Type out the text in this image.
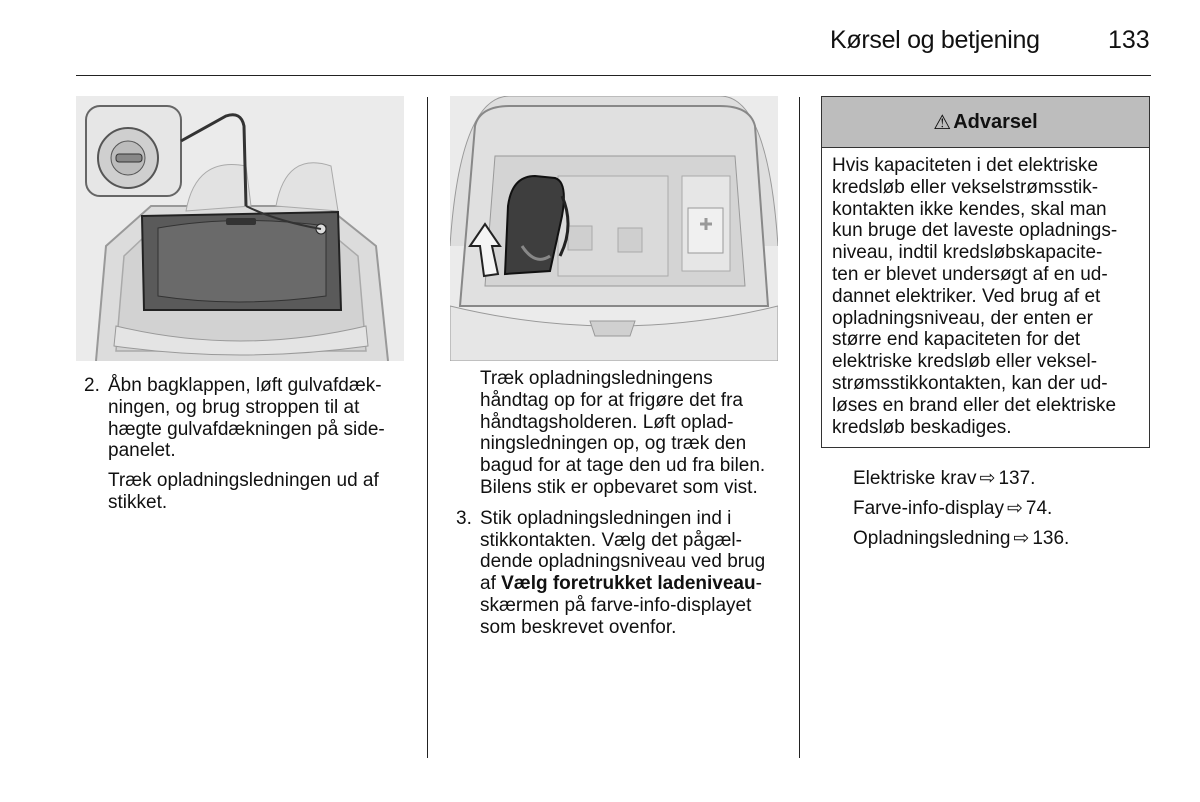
Kørsel og betjening	133
2. Åbn bagklappen, løft gulvafdæk-

ningen, og brug stroppen til at

hægte gulvafdækningen på side-

panelet.

Træk opladningsledningen ud af

stikket.

Træk opladningsledningens

håndtag op for at frigøre det fra

håndtagsholderen. Løft oplad-

ningsledningen op, og træk den

bagud for at tage den ud fra bilen.

Bilens stik er opbevaret som vist.

3. Stik opladningsledningen ind i

stikkontakten. Vælg det pågæl-

dende opladningsniveau ved brug

af Vælg foretrukket ladeniveau-

skærmen på farve-info-displayet

som beskrevet ovenfor.

⚠ Advarsel

Hvis kapaciteten i det elektriske

kredsløb eller vekselstrømsstik-

kontakten ikke kendes, skal man

kun bruge det laveste opladnings-

niveau, indtil kredsløbskapacite-

ten er blevet undersøgt af en ud-

dannet elektriker. Ved brug af et

opladningsniveau, der enten er

større end kapaciteten for det

elektriske kredsløb eller veksel-

strømsstikkontakten, kan der ud-

løses en brand eller det elektriske

kredsløb beskadiges.

Elektriske krav ⇨ 137.
Farve-info-display ⇨ 74.
Opladningsledning ⇨ 136.
